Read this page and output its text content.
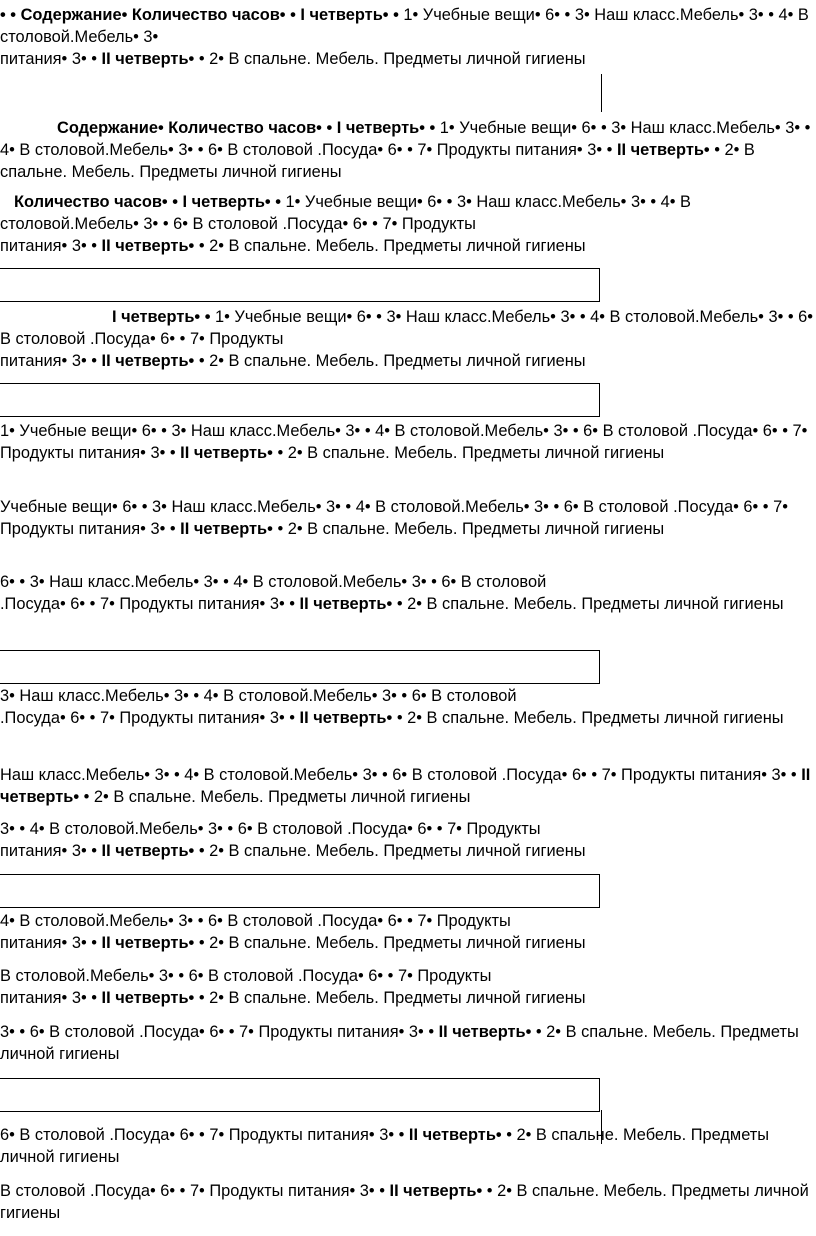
• • Содержание• Количество часов• • I четверть• • 1• Учебные вещи• 6• • 3• Наш класс.Мебель• 3• • 4• В столовой.Мебель• 3•
питания• 3• • II четверть• • 2• В спальне. Мебель. Предметы личной гигиены

Содержание• Количество часов• • I четверть• • 1• Учебные вещи• 6• • 3• Наш класс.Мебель• 3• • 4• В столовой.Мебель• 3• • 6• В столовой .Посуда• 6• • 7• Продукты питания• 3• • II четверть• • 2• В спальне. Мебель. Предметы личной гигиены

Количество часов• • I четверть• • 1• Учебные вещи• 6• • 3• Наш класс.Мебель• 3• • 4• В столовой.Мебель• 3• • 6• В столовой .Посуда• 6• • 7• Продукты
питания• 3• • II четверть• • 2• В спальне. Мебель. Предметы личной гигиены

I четверть• • 1• Учебные вещи• 6• • 3• Наш класс.Мебель• 3• • 4• В столовой.Мебель• 3• • 6• В столовой .Посуда• 6• • 7• Продукты
питания• 3• • II четверть• • 2• В спальне. Мебель. Предметы личной гигиены

1• Учебные вещи• 6• • 3• Наш класс.Мебель• 3• • 4• В столовой.Мебель• 3• • 6• В столовой .Посуда• 6• • 7• Продукты питания• 3• • II четверть• • 2• В спальне. Мебель. Предметы личной гигиены

Учебные вещи• 6• • 3• Наш класс.Мебель• 3• • 4• В столовой.Мебель• 3• • 6• В столовой .Посуда• 6• • 7• Продукты питания• 3• • II четверть• • 2• В спальне. Мебель. Предметы личной гигиены

6• • 3• Наш класс.Мебель• 3• • 4• В столовой.Мебель• 3• • 6• В столовой
.Посуда• 6• • 7• Продукты питания• 3• • II четверть• • 2• В спальне. Мебель. Предметы личной гигиены

3• Наш класс.Мебель• 3• • 4• В столовой.Мебель• 3• • 6• В столовой
.Посуда• 6• • 7• Продукты питания• 3• • II четверть• • 2• В спальне. Мебель. Предметы личной гигиены

Наш класс.Мебель• 3• • 4• В столовой.Мебель• 3• • 6• В столовой .Посуда• 6• • 7• Продукты питания• 3• • II четверть• • 2• В спальне. Мебель. Предметы личной гигиены

3• • 4• В столовой.Мебель• 3• • 6• В столовой .Посуда• 6• • 7• Продукты
питания• 3• • II четверть• • 2• В спальне. Мебель. Предметы личной гигиены

4• В столовой.Мебель• 3• • 6• В столовой .Посуда• 6• • 7• Продукты
питания• 3• • II четверть• • 2• В спальне. Мебель. Предметы личной гигиены

В столовой.Мебель• 3• • 6• В столовой .Посуда• 6• • 7• Продукты
питания• 3• • II четверть• • 2• В спальне. Мебель. Предметы личной гигиены

3• • 6• В столовой .Посуда• 6• • 7• Продукты питания• 3• • II четверть• • 2• В спальне. Мебель. Предметы личной гигиены

6• В столовой .Посуда• 6• • 7• Продукты питания• 3• • II четверть• • 2• В спальне. Мебель. Предметы личной гигиены

В столовой .Посуда• 6• • 7• Продукты питания• 3• • II четверть• • 2• В спальне. Мебель. Предметы личной гигиены
